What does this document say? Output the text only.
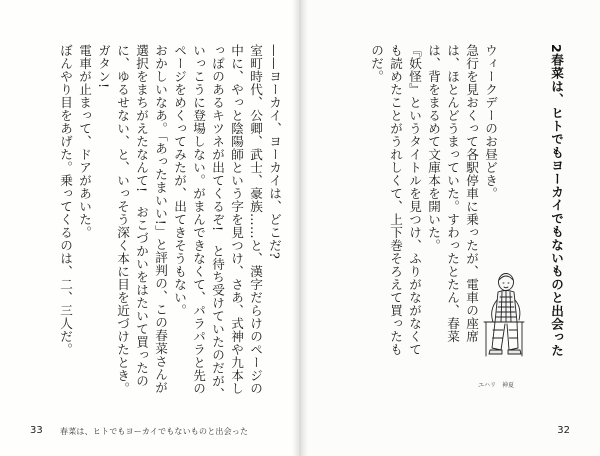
——ヨーカイ、ヨーカイは、どこだ?

室町時代、公卿、武士、豪族……と、漢字だらけのページの中に、やっと陰陽師という字を見つけ、さあ、式神や九本しっぽのあるキツネが出てくるぞ!　と待ち受けていたのだが、いっこうに登場しない。がまんできなくて、パラパラと先のページをめくってみたが、出てきそうもない。

おかしいなあ。「あったまいい!」と評判の、この春菜さんが選択をまちがえたなんて!　おこづかいをはたいて買ったのに、ゆるせない、と、いっそう深く本に目を近づけたとき。

ガタン!

電車が止まって、ドアがあいた。

ぼんやり目をあげた。乗ってくるのは、二、三人だ。

33 春菜は、ヒトでもヨーカイでもないものと出会った
2春菜は、ヒトでもヨーカイでもないものと出会った

ウィークデーのお昼どき。

急行を見おくって各駅停車に乗ったが、電車の座席は、ほとんどうまっていた。すわったとたん、春菜は、背をまるめて文庫本を開いた。

『妖怪』というタイトルを見つけ、ふりがながなくても読めたことがうれしくて、上下巻そろえて買ったものだ。

ユハリ　神夏
32
